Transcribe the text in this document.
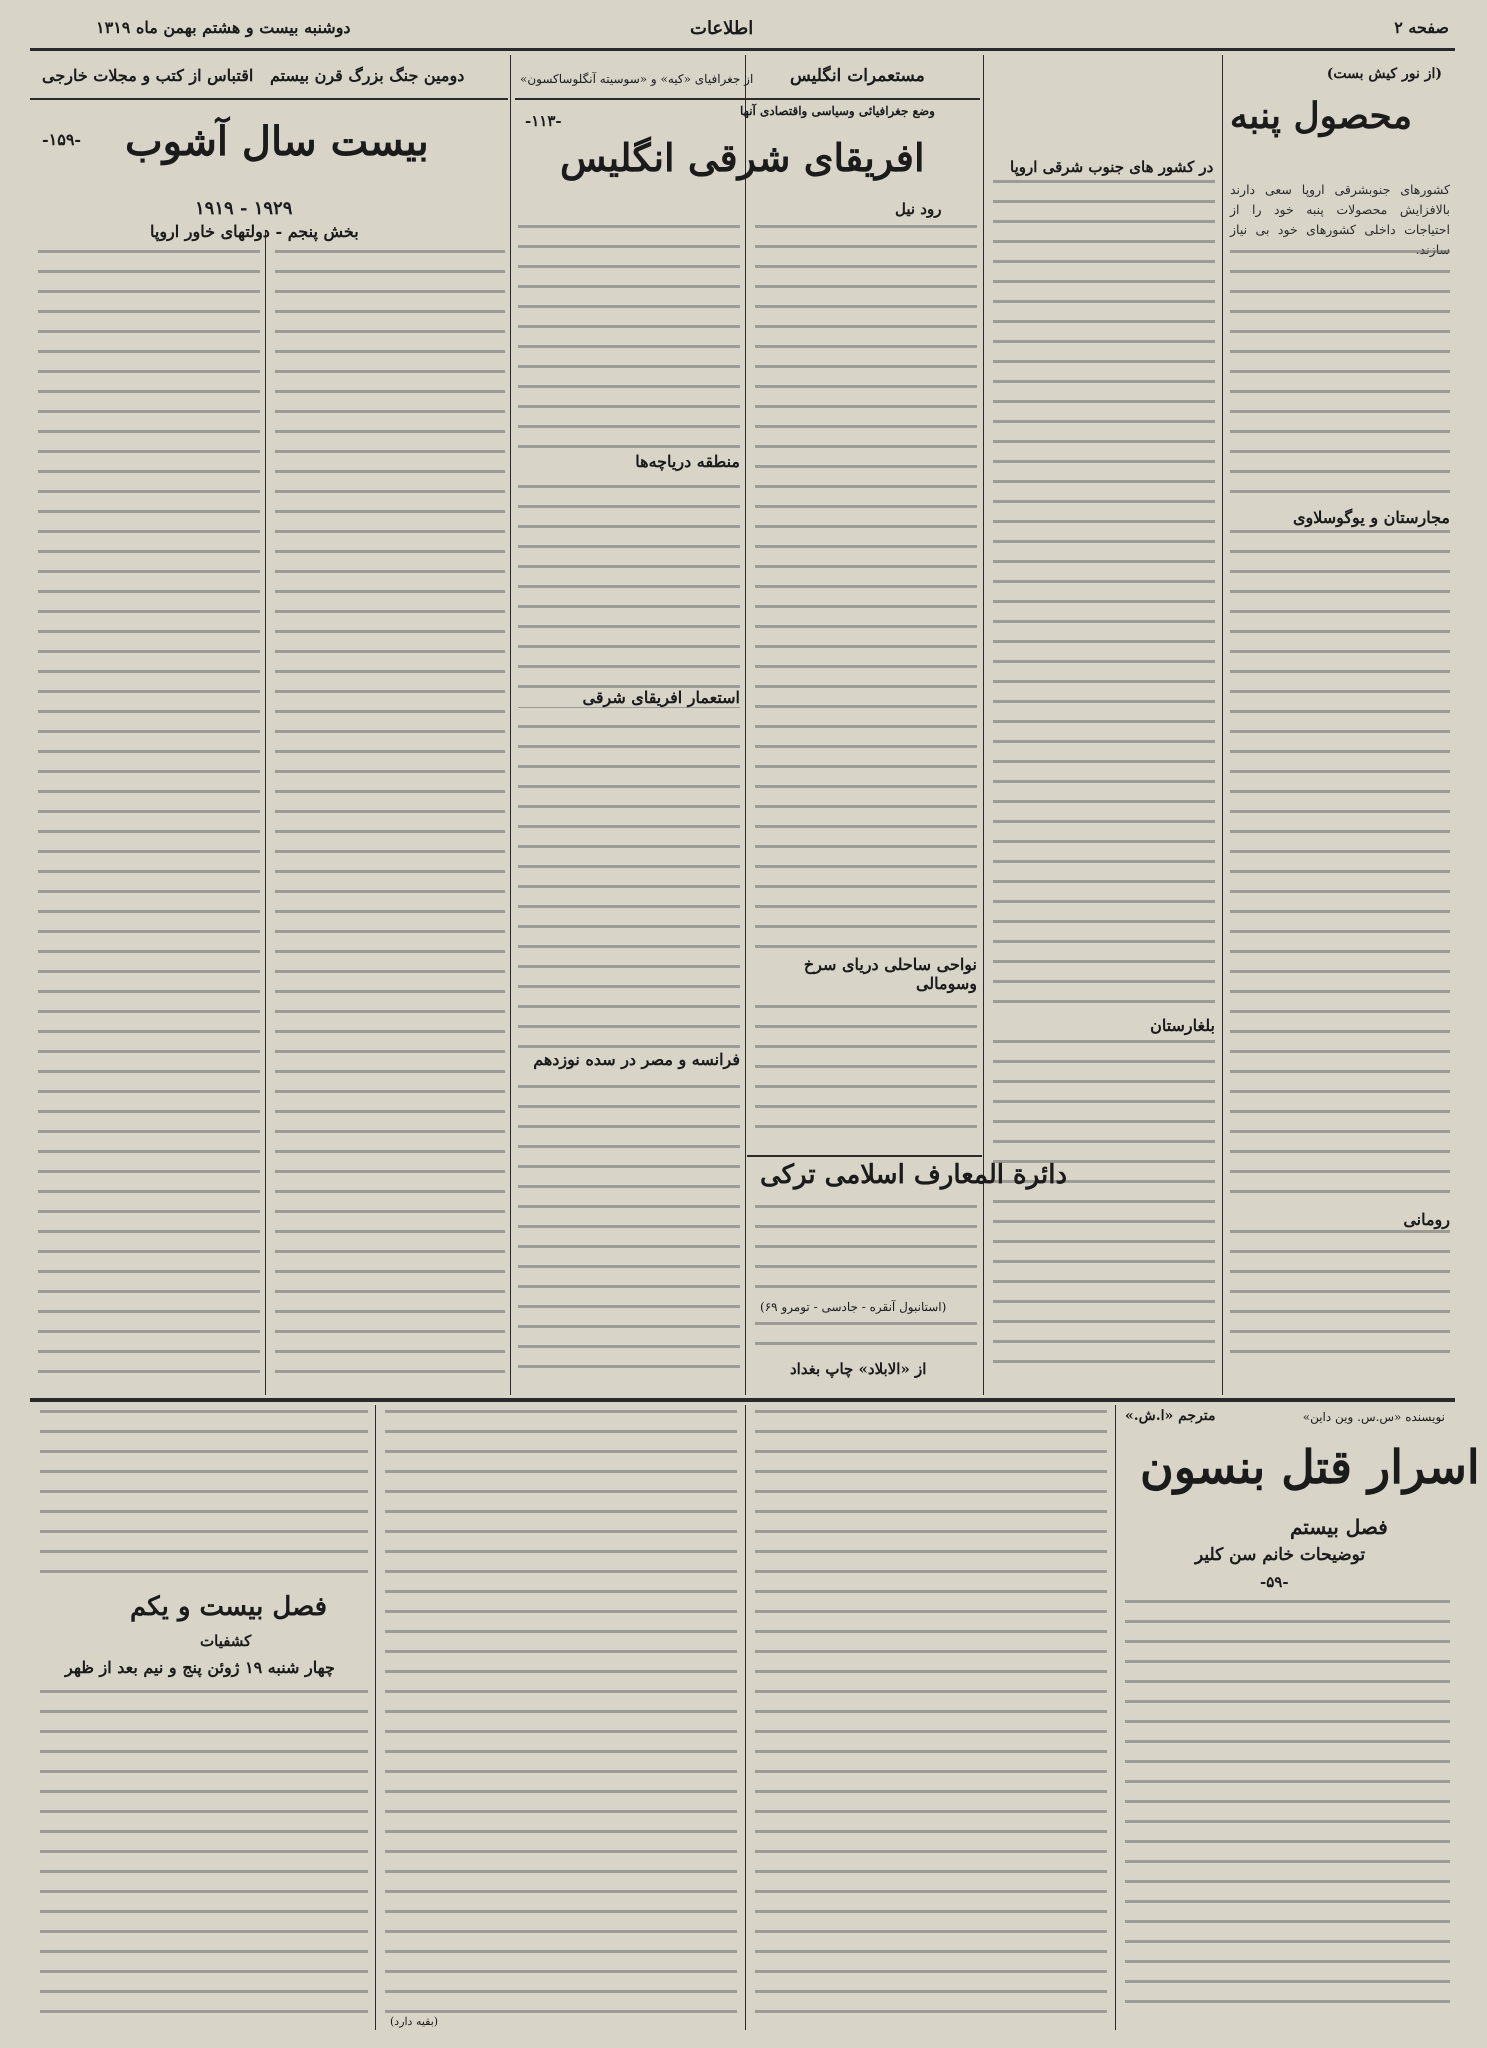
صفحه ۲
اطلاعات
دوشنبه بیست و هشتم بهمن ماه ۱۳۱۹
(از نور کیش بست)
محصول پنبه
در کشور های جنوب شرقی اروپا
کشورهای جنوبشرقی اروپا سعی دارند بالافزایش محصولات پنبه خود را از احتیاجات داخلی کشورهای خود بی نیاز
مجارستان و یوگوسلاوی
رومانی
بلغارستان
مستعمرات انگلیس
از جغرافیای «کیه» و «سوسیته آنگلوساکسون»
وضع جغرافیائی وسیاسی واقتصادی آنها
-۱۱۳-
افریقای شرقی انگلیس
رود نیل
منطقه دریاچه‌ها
استعمار افریقای شرقی
فرانسه و مصر در سده نوزدهم
نواحی ساحلی دریای سرخ وسومالی
دائرة المعارف اسلامی ترکی
(استانبول آنقره - جادسی - تومرو ۶۹)
از «الابلاد» چاپ بغداد
دومین جنگ بزرگ قرن بیستم
اقتباس از کتب و مجلات خارجی
-۱۵۹- بیست سال آشوب
۱۹۲۹ - ۱۹۱۹
بخش پنجم - دولتهای خاور اروپا
نویسنده «س.س. وین داین»
مترجم «ا.ش.»
اسرار قتل بنسون
فصل بیستم
توضیحات خانم سن کلیر
-۵۹-
فصل بیست و یکم
کشفیات
چهار شنبه ۱۹ ژوئن پنج و نیم بعد از ظهر
(بقیه دارد)
